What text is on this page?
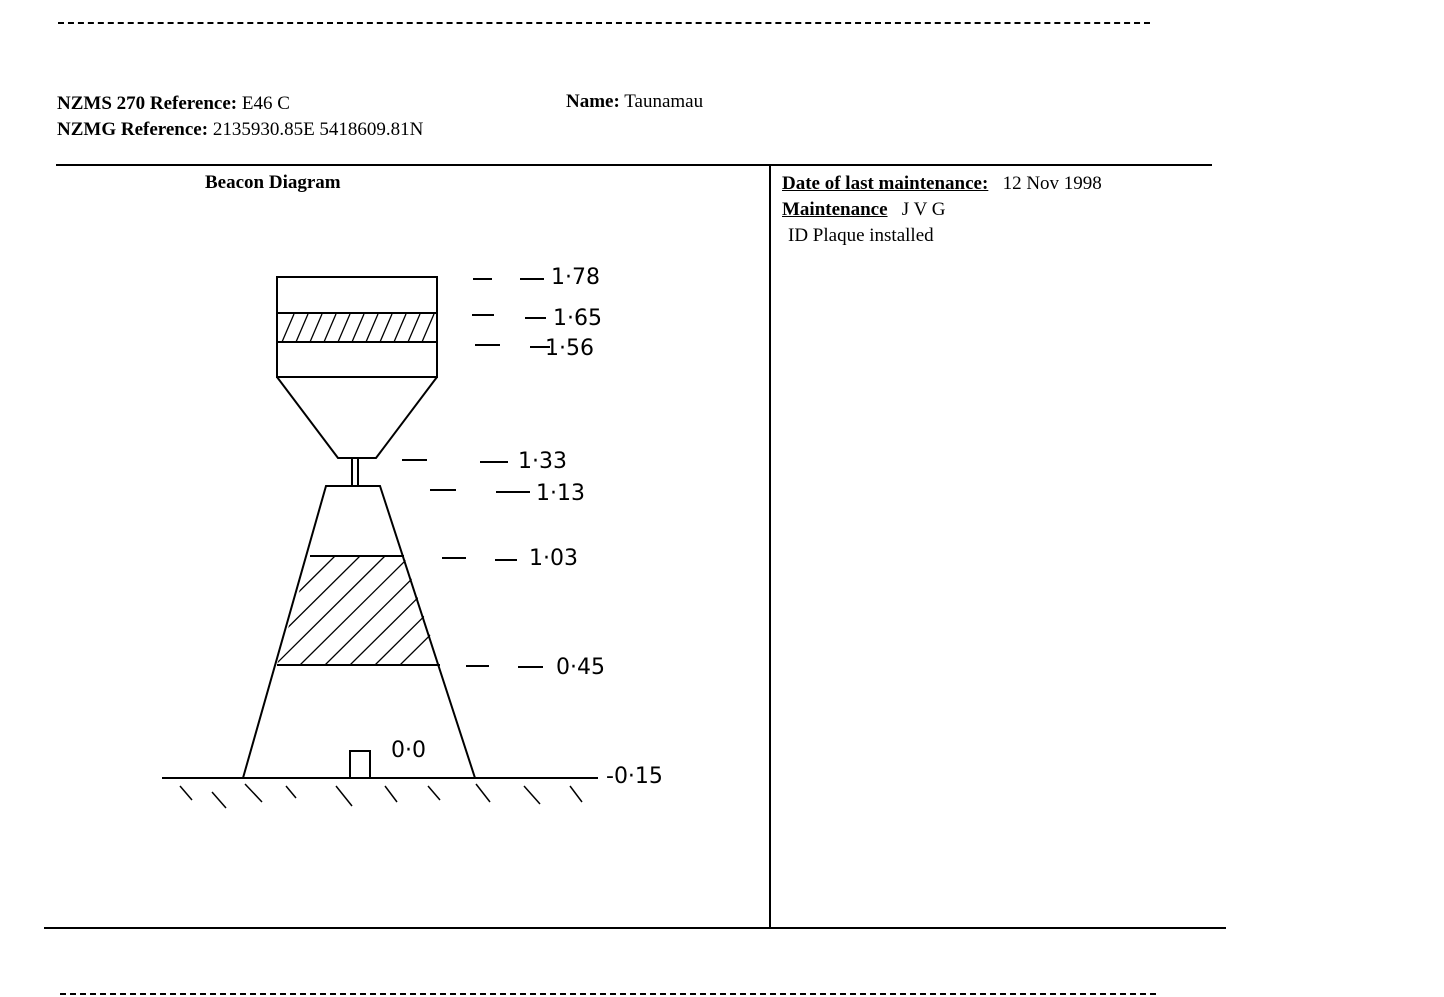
NZMS 270 Reference: E46 C
NZMG Reference: 2135930.85E 5418609.81N
Name: Taunamau
Beacon Diagram	Date of last maintenance: 12 Nov 1998
Maintenance J V G
ID Plaque installed
1·78
1·65
1·56
1·33
1·13
1·03
0·45
0·0
-0·15
